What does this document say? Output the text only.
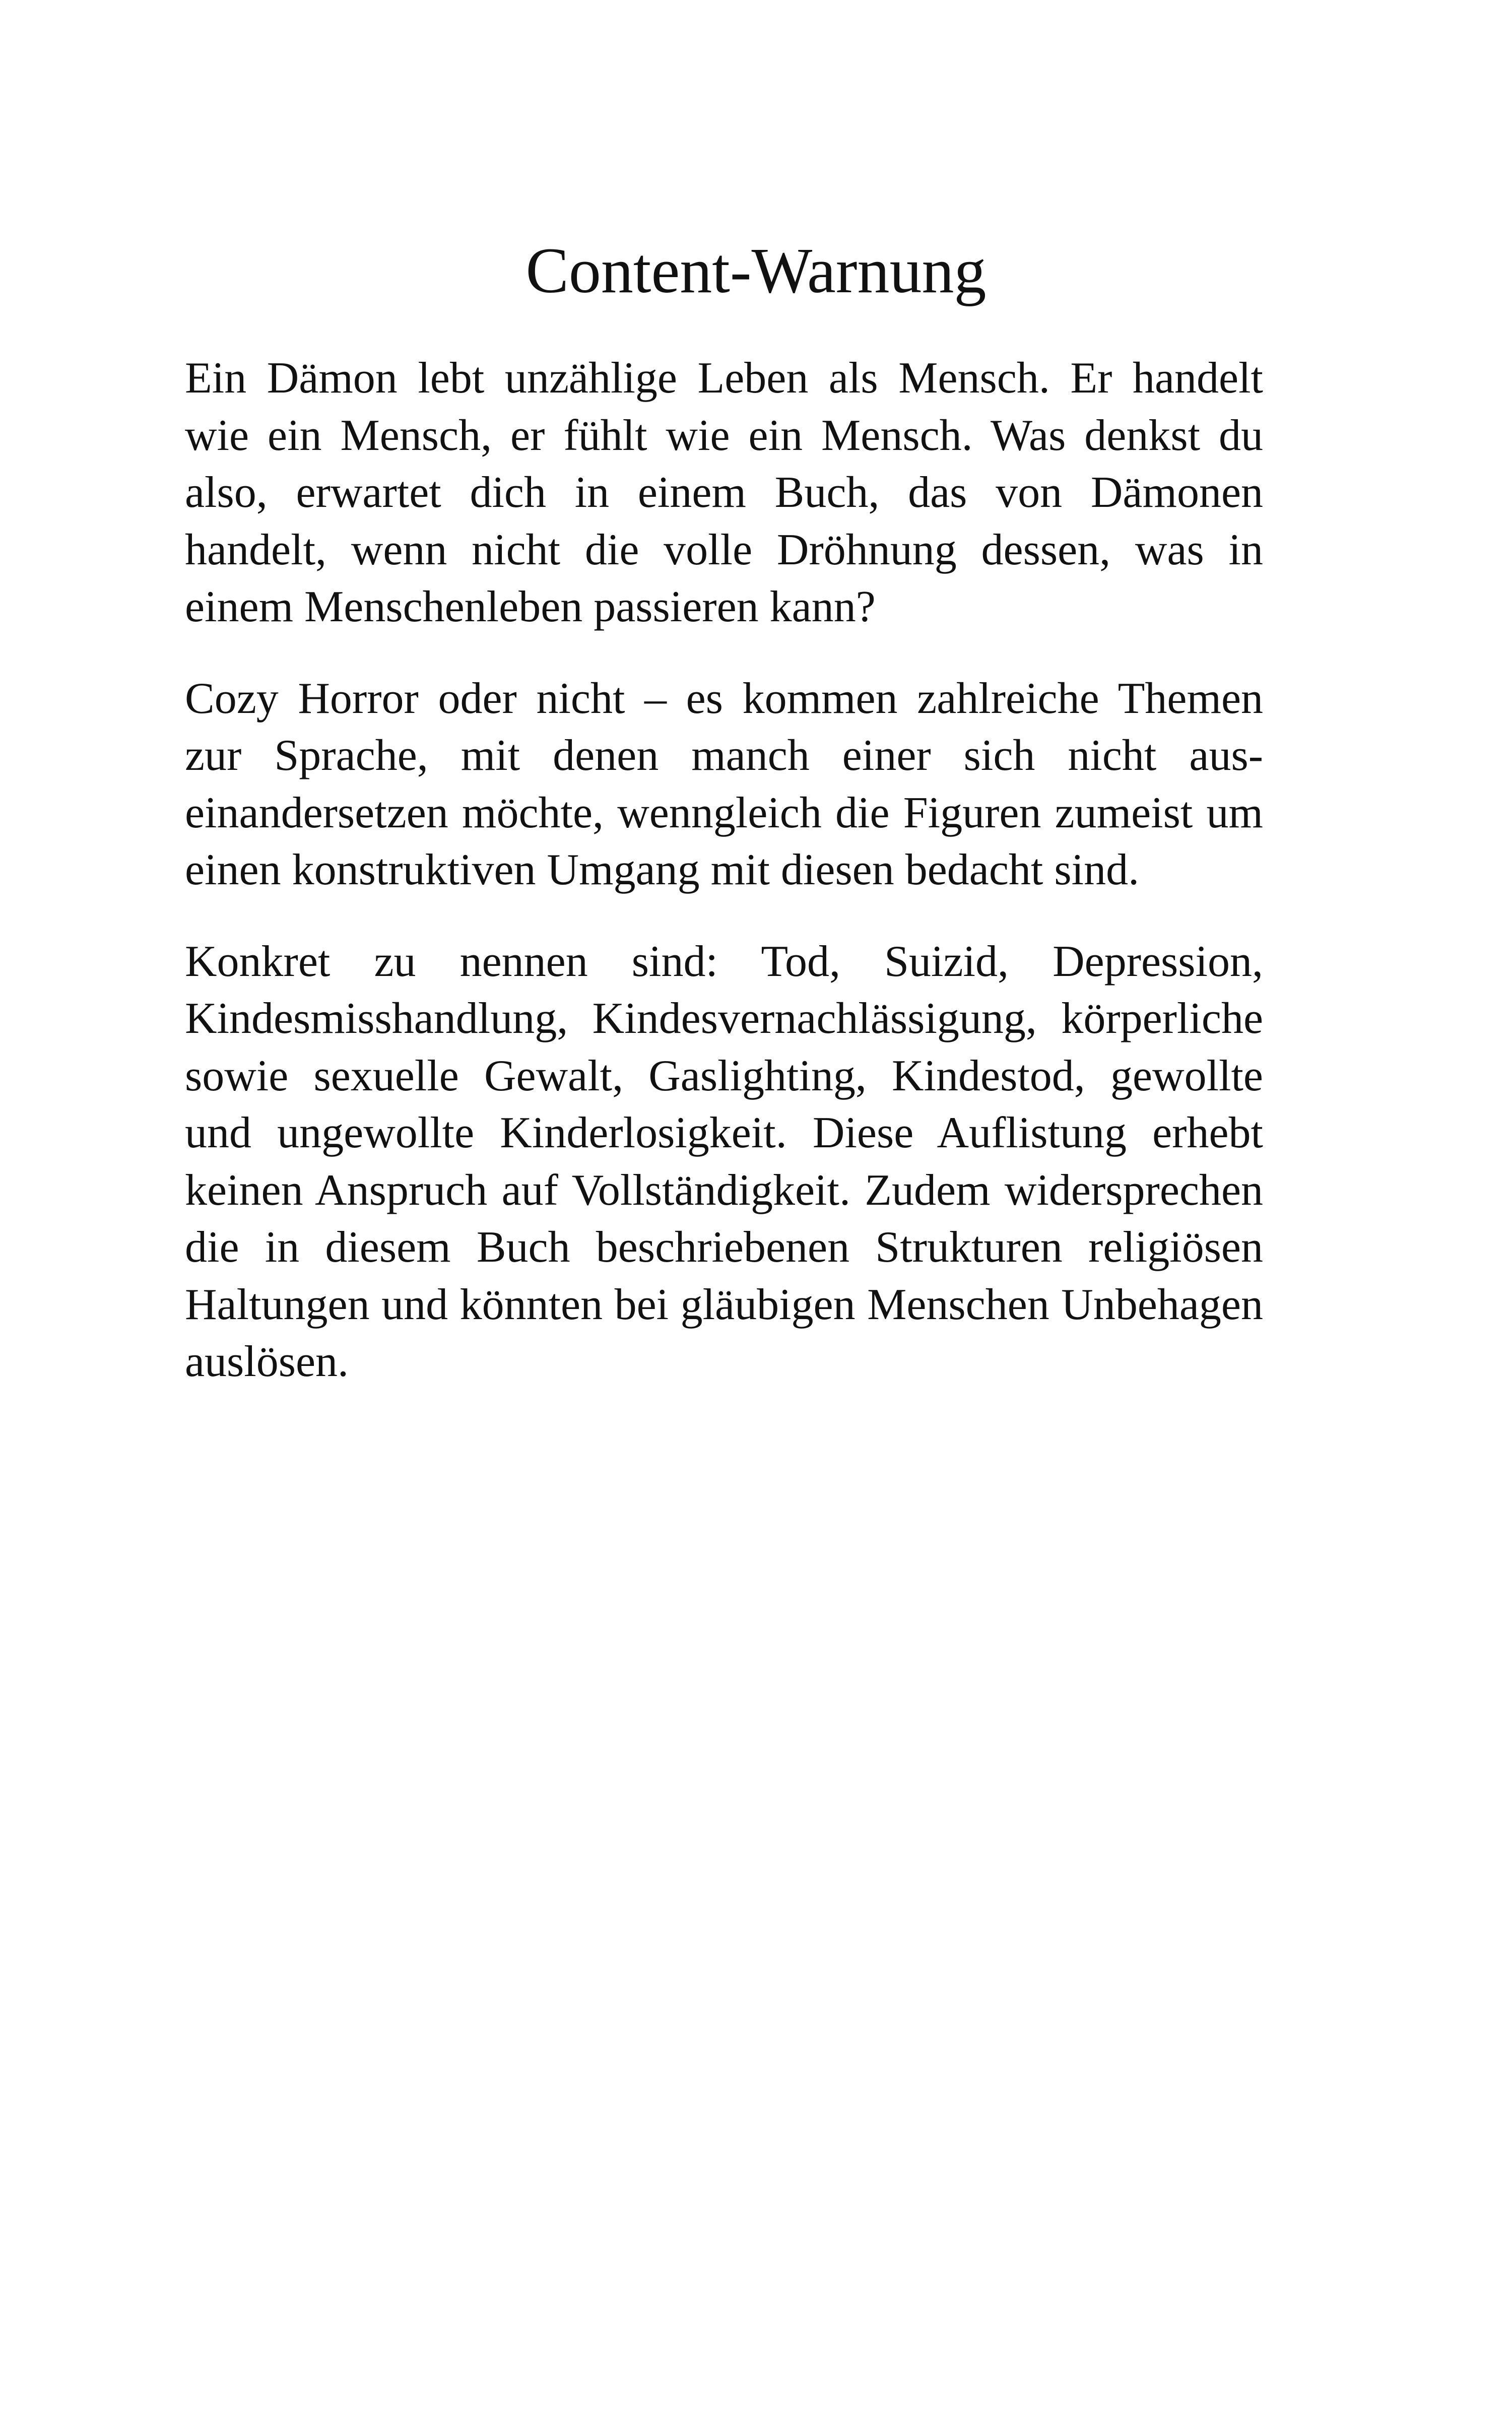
Content-Warnung

Ein Dämon lebt unzählige Leben als Mensch. Er handelt wie ein Mensch, er fühlt wie ein Mensch. Was denkst du also, erwartet dich in einem Buch, das von Dämonen handelt, wenn nicht die volle Dröhnung dessen, was in einem Menschenleben passieren kann?

Cozy Horror oder nicht – es kommen zahlreiche Themen zur Sprache, mit denen manch einer sich nicht auseinandersetzen möchte, wenngleich die Figuren zumeist um einen konstruktiven Umgang mit diesen bedacht sind.

Konkret zu nennen sind: Tod, Suizid, Depression, Kindesmisshandlung, Kindesvernachlässigung, körperliche sowie sexuelle Gewalt, Gaslighting, Kindestod, gewollte und ungewollte Kinderlosigkeit. Diese Auflistung erhebt keinen Anspruch auf Vollständigkeit. Zudem widersprechen die in diesem Buch beschriebenen Strukturen religiösen Haltungen und könnten bei gläubigen Menschen Unbehagen auslösen.
